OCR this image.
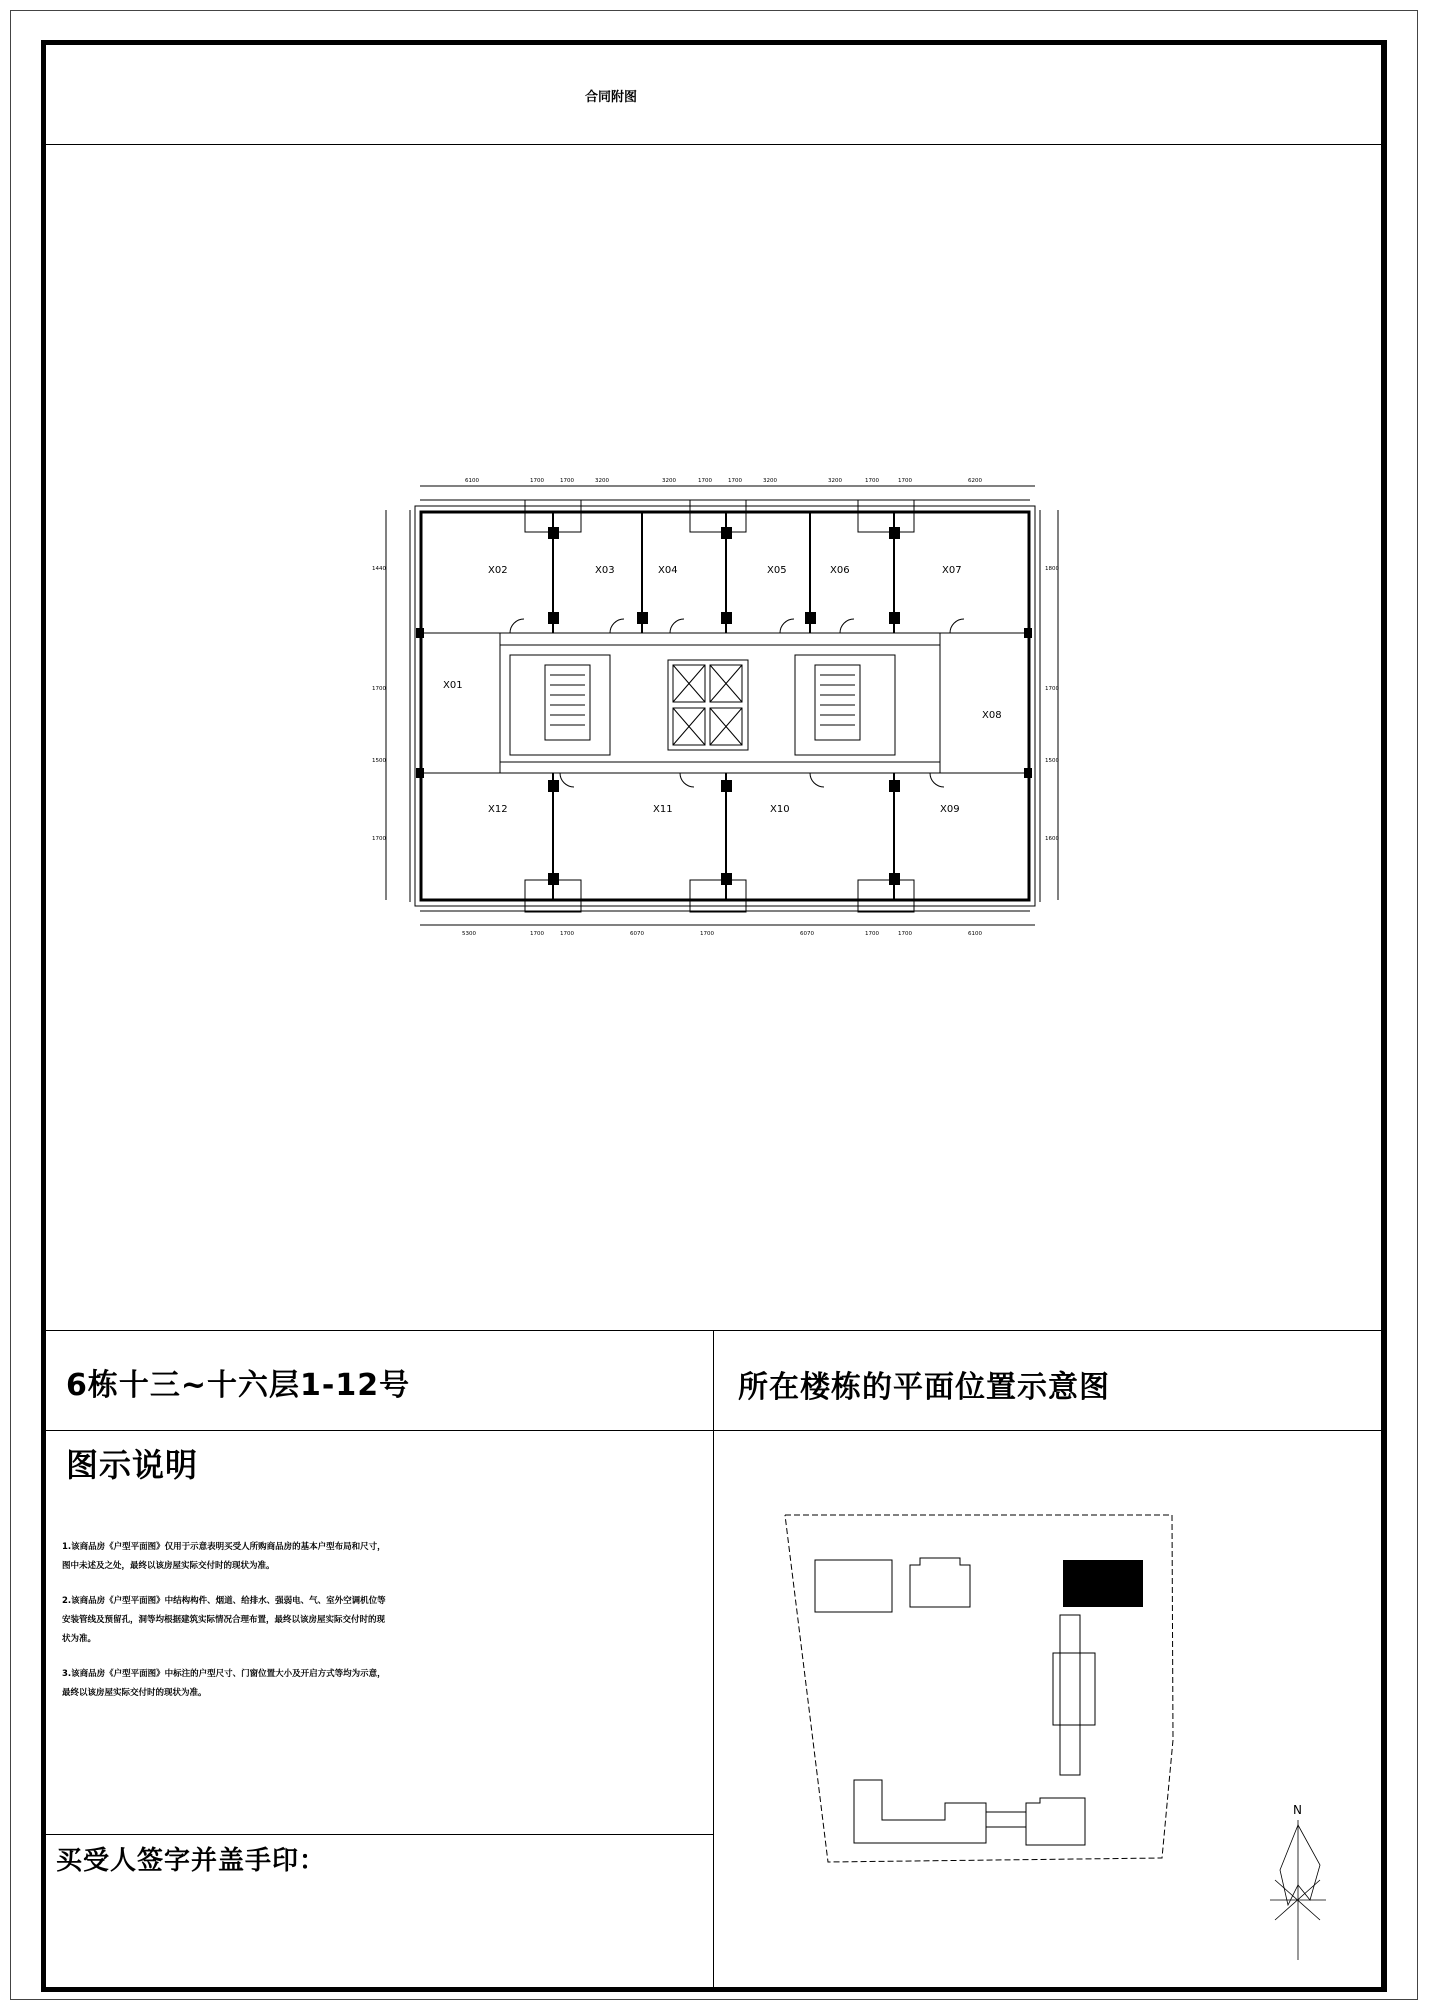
合同附图
6栋十三~十六层1-12号	所在楼栋的平面位置示意图
图示说明

1.该商品房《户型平面图》仅用于示意表明买受人所购商品房的基本户型布局和尺寸，图中未述及之处，最终以该房屋实际交付时的现状为准。

2.该商品房《户型平面图》中结构构件、烟道、给排水、强弱电、气、室外空调机位等安装管线及预留孔，洞等均根据建筑实际情况合理布置，最终以该房屋实际交付时的现状为准。

3.该商品房《户型平面图》中标注的户型尺寸、门窗位置大小及开启方式等均为示意，最终以该房屋实际交付时的现状为准。

买受人签字并盖手印：
X02	X03	X04	X05	X06	X07
X01
X08
X12	X11	X10	X09
6100	1700	1700	3200	3200	1700	1700	3200	3200	1700	1700	6200
5300	1700	1700	6070	1700	6070	1700	1700	6100
1440
1700
1500
1700
1800
1700
1500
1600
N
